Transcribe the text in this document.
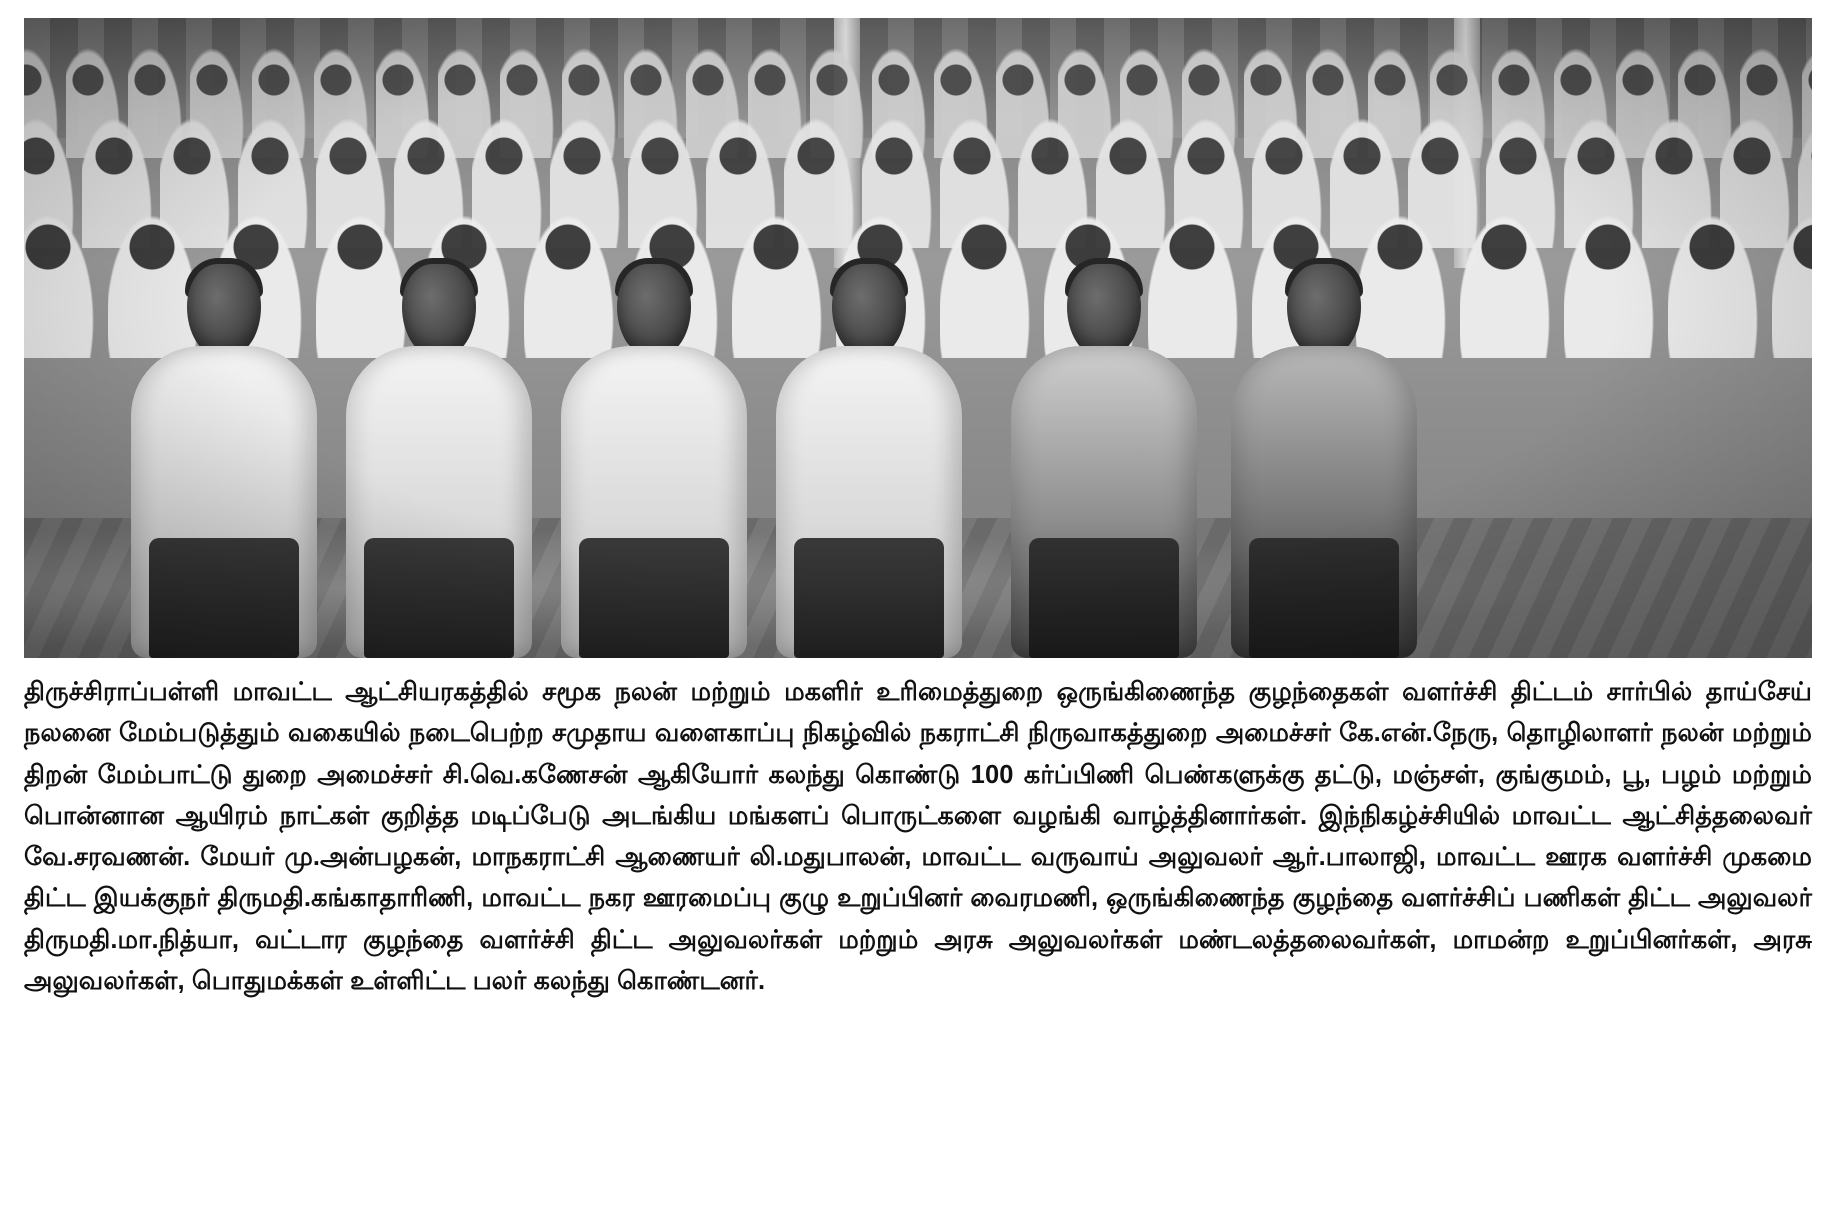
திருச்சிராப்பள்ளி மாவட்ட ஆட்சியரகத்தில் சமூக நலன் மற்றும் மகளிர் உரிமைத்துறை ஒருங்கிணைந்த குழந்தைகள் வளர்ச்சி திட்டம் சார்பில் தாய்சேய் நலனை மேம்படுத்தும் வகையில் நடைபெற்ற சமுதாய வளைகாப்பு நிகழ்வில் நகராட்சி நிருவாகத்துறை அமைச்சர் கே.என்.நேரு, தொழிலாளர் நலன் மற்றும் திறன் மேம்பாட்டு துறை அமைச்சர் சி.வெ.கணேசன் ஆகியோர் கலந்து கொண்டு 100 கர்ப்பிணி பெண்களுக்கு தட்டு, மஞ்சள், குங்குமம், பூ, பழம் மற்றும் பொன்னான ஆயிரம் நாட்கள் குறித்த மடிப்பேடு அடங்கிய மங்களப் பொருட்களை வழங்கி வாழ்த்தினார்கள். இந்நிகழ்ச்சியில் மாவட்ட ஆட்சித்தலைவர் வே.சரவணன். மேயர் மு.அன்பழகன், மாநகராட்சி ஆணையர் லி.மதுபாலன், மாவட்ட வருவாய் அலுவலர் ஆர்.பாலாஜி, மாவட்ட ஊரக வளர்ச்சி முகமை திட்ட இயக்குநர் திருமதி.கங்காதாரிணி, மாவட்ட நகர ஊரமைப்பு குழு உறுப்பினர் வைரமணி, ஒருங்கிணைந்த குழந்தை வளர்ச்சிப் பணிகள் திட்ட அலுவலர் திருமதி.மா.நித்யா, வட்டார குழந்தை வளர்ச்சி திட்ட அலுவலர்கள் மற்றும் அரசு அலுவலர்கள் மண்டலத்தலைவர்கள், மாமன்ற உறுப்பினர்கள், அரசு அலுவலர்கள், பொதுமக்கள் உள்ளிட்ட பலர் கலந்து கொண்டனர்.
